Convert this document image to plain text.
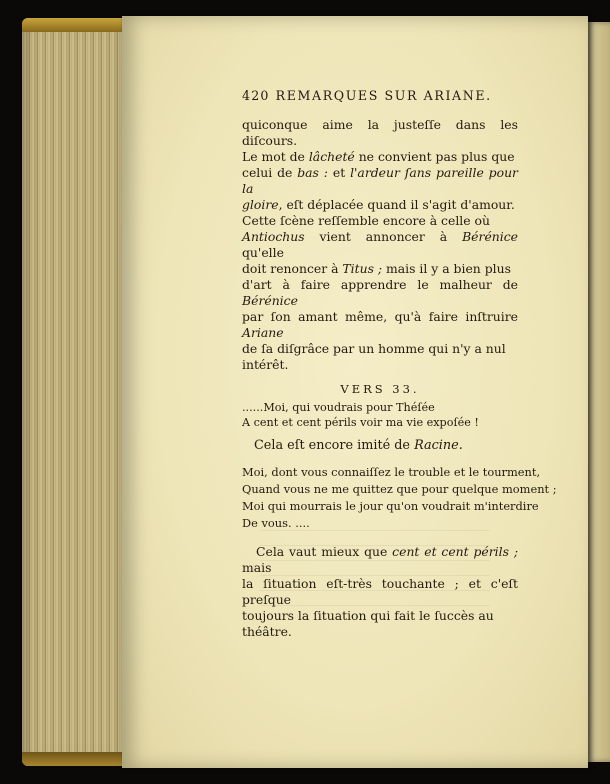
420 REMARQUES SUR ARIANE.
quiconque aime la justeſſe dans les diſcours.
Le mot de lâcheté ne convient pas plus que
celui de bas : et l'ardeur ſans pareille pour la
gloire, eſt déplacée quand il s'agit d'amour.
Cette ſcène reſſemble encore à celle où
Antiochus vient annoncer à Bérénice qu'elle
doit renoncer à Titus ; mais il y a bien plus
d'art à faire apprendre le malheur de Bérénice
par ſon amant même, qu'à faire inſtruire Ariane
de ſa diſgrâce par un homme qui n'y a nul
intérêt.
VERS 33.
......Moi, qui voudrais pour Théſée
A cent et cent périls voir ma vie expoſée !
Cela eſt encore imité de Racine.
Moi, dont vous connaiſſez le trouble et le tourment,
Quand vous ne me quittez que pour quelque moment ;
Moi qui mourrais le jour qu'on voudrait m'interdire
De vous. ....
Cela vaut mieux que cent et cent périls ; mais
la ſituation eſt-très touchante ; et c'eſt preſque
toujours la ſituation qui fait le ſuccès au
théâtre.
